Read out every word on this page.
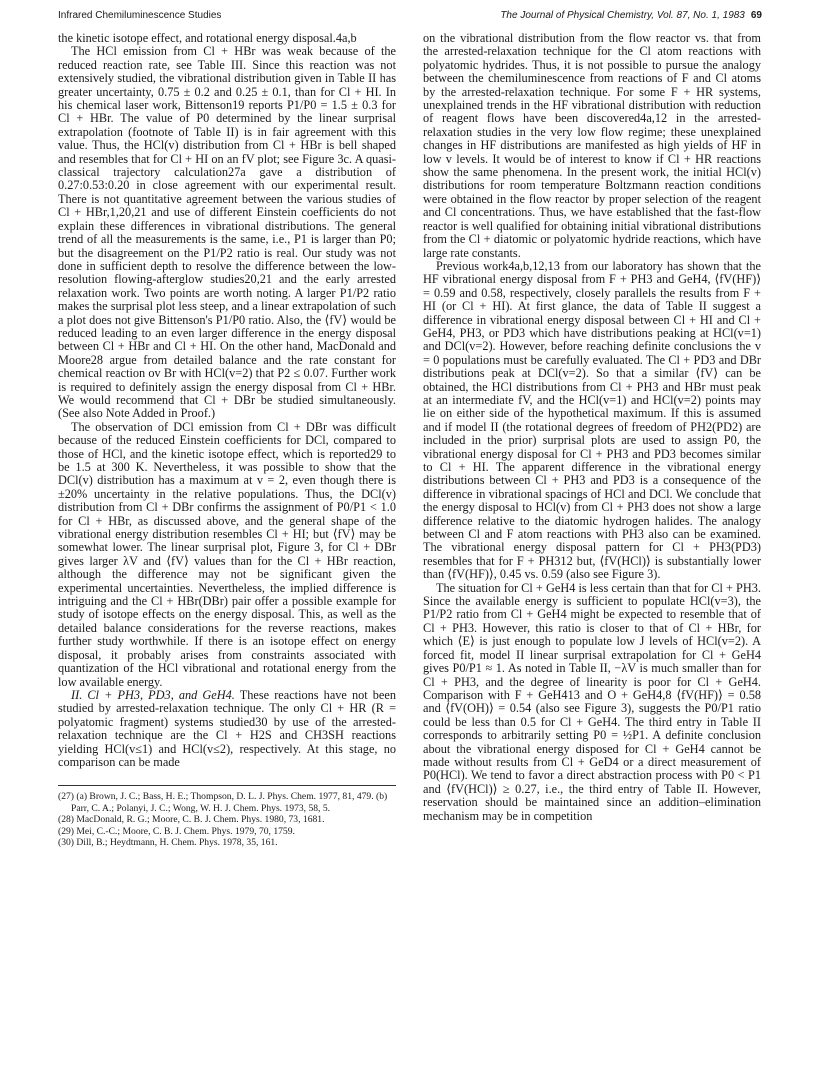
Infrared Chemiluminescence Studies	The Journal of Physical Chemistry, Vol. 87, No. 1, 1983 69

the kinetic isotope effect, and rotational energy disposal.4a,b

The HCl emission from Cl + HBr was weak because of the reduced reaction rate, see Table III. Since this reaction was not extensively studied, the vibrational distribution given in Table II has greater uncertainty, 0.75 ± 0.2 and 0.25 ± 0.1, than for Cl + HI. In his chemical laser work, Bittenson19 reports P1/P0 = 1.5 ± 0.3 for Cl + HBr. The value of P0 determined by the linear surprisal extrapolation (footnote of Table II) is in fair agreement with this value. Thus, the HCl(v) distribution from Cl + HBr is bell shaped and resembles that for Cl + HI on an fV plot; see Figure 3c. A quasi-classical trajectory calculation27a gave a distribution of 0.27:0.53:0.20 in close agreement with our experimental result. There is not quantitative agreement between the various studies of Cl + HBr,1,20,21 and use of different Einstein coefficients do not explain these differences in vibrational distributions. The general trend of all the measurements is the same, i.e., P1 is larger than P0; but the disagreement on the P1/P2 ratio is real. Our study was not done in sufficient depth to resolve the difference between the low-resolution flowing-afterglow studies20,21 and the early arrested relaxation work. Two points are worth noting. A larger P1/P2 ratio makes the surprisal plot less steep, and a linear extrapolation of such a plot does not give Bittenson's P1/P0 ratio. Also, the ⟨fV⟩ would be reduced leading to an even larger difference in the energy disposal between Cl + HBr and Cl + HI. On the other hand, MacDonald and Moore28 argue from detailed balance and the rate constant for chemical reaction ov Br with HCl(v=2) that P2 ≤ 0.07. Further work is required to definitely assign the energy disposal from Cl + HBr. We would recommend that Cl + DBr be studied simultaneously. (See also Note Added in Proof.)

The observation of DCl emission from Cl + DBr was difficult because of the reduced Einstein coefficients for DCl, compared to those of HCl, and the kinetic isotope effect, which is reported29 to be 1.5 at 300 K. Nevertheless, it was possible to show that the DCl(v) distribution has a maximum at v = 2, even though there is ±20% uncertainty in the relative populations. Thus, the DCl(v) distribution from Cl + DBr confirms the assignment of P0/P1 < 1.0 for Cl + HBr, as discussed above, and the general shape of the vibrational energy distribution resembles Cl + HI; but ⟨fV⟩ may be somewhat lower. The linear surprisal plot, Figure 3, for Cl + DBr gives larger λV and ⟨fV⟩ values than for the Cl + HBr reaction, although the difference may not be significant given the experimental uncertainties. Nevertheless, the implied difference is intriguing and the Cl + HBr(DBr) pair offer a possible example for study of isotope effects on the energy disposal. This, as well as the detailed balance considerations for the reverse reactions, makes further study worthwhile. If there is an isotope effect on energy disposal, it probably arises from constraints associated with quantization of the HCl vibrational and rotational energy from the low available energy.

II. Cl + PH3, PD3, and GeH4. These reactions have not been studied by arrested-relaxation technique. The only Cl + HR (R = polyatomic fragment) systems studied30 by use of the arrested-relaxation technique are the Cl + H2S and CH3SH reactions yielding HCl(v≤1) and HCl(v≤2), respectively. At this stage, no comparison can be made

(27) (a) Brown, J. C.; Bass, H. E.; Thompson, D. L. J. Phys. Chem. 1977, 81, 479. (b) Parr, C. A.; Polanyi, J. C.; Wong, W. H. J. Chem. Phys. 1973, 58, 5.
(28) MacDonald, R. G.; Moore, C. B. J. Chem. Phys. 1980, 73, 1681.
(29) Mei, C.-C.; Moore, C. B. J. Chem. Phys. 1979, 70, 1759.
(30) Dill, B.; Heydtmann, H. Chem. Phys. 1978, 35, 161.

on the vibrational distribution from the flow reactor vs. that from the arrested-relaxation technique for the Cl atom reactions with polyatomic hydrides. Thus, it is not possible to pursue the analogy between the chemiluminescence from reactions of F and Cl atoms by the arrested-relaxation technique. For some F + HR systems, unexplained trends in the HF vibrational distribution with reduction of reagent flows have been discovered4a,12 in the arrested-relaxation studies in the very low flow regime; these unexplained changes in HF distributions are manifested as high yields of HF in low v levels. It would be of interest to know if Cl + HR reactions show the same phenomena. In the present work, the initial HCl(v) distributions for room temperature Boltzmann reaction conditions were obtained in the flow reactor by proper selection of the reagent and Cl concentrations. Thus, we have established that the fast-flow reactor is well qualified for obtaining initial vibrational distributions from the Cl + diatomic or polyatomic hydride reactions, which have large rate constants.

Previous work4a,b,12,13 from our laboratory has shown that the HF vibrational energy disposal from F + PH3 and GeH4, ⟨fV(HF)⟩ = 0.59 and 0.58, respectively, closely parallels the results from F + HI (or Cl + HI). At first glance, the data of Table II suggest a difference in vibrational energy disposal between Cl + HI and Cl + GeH4, PH3, or PD3 which have distributions peaking at HCl(v=1) and DCl(v=2). However, before reaching definite conclusions the v = 0 populations must be carefully evaluated. The Cl + PD3 and DBr distributions peak at DCl(v=2). So that a similar ⟨fV⟩ can be obtained, the HCl distributions from Cl + PH3 and HBr must peak at an intermediate fV, and the HCl(v=1) and HCl(v=2) points may lie on either side of the hypothetical maximum. If this is assumed and if model II (the rotational degrees of freedom of PH2(PD2) are included in the prior) surprisal plots are used to assign P0, the vibrational energy disposal for Cl + PH3 and PD3 becomes similar to Cl + HI. The apparent difference in the vibrational energy distributions between Cl + PH3 and PD3 is a consequence of the difference in vibrational spacings of HCl and DCl. We conclude that the energy disposal to HCl(v) from Cl + PH3 does not show a large difference relative to the diatomic hydrogen halides. The analogy between Cl and F atom reactions with PH3 also can be examined. The vibrational energy disposal pattern for Cl + PH3(PD3) resembles that for F + PH312 but, ⟨fV(HCl)⟩ is substantially lower than ⟨fV(HF)⟩, 0.45 vs. 0.59 (also see Figure 3).

The situation for Cl + GeH4 is less certain than that for Cl + PH3. Since the available energy is sufficient to populate HCl(v=3), the P1/P2 ratio from Cl + GeH4 might be expected to resemble that of Cl + PH3. However, this ratio is closer to that of Cl + HBr, for which ⟨E⟩ is just enough to populate low J levels of HCl(v=2). A forced fit, model II linear surprisal extrapolation for Cl + GeH4 gives P0/P1 ≈ 1. As noted in Table II, −λV is much smaller than for Cl + PH3, and the degree of linearity is poor for Cl + GeH4. Comparison with F + GeH413 and O + GeH4,8 ⟨fV(HF)⟩ = 0.58 and ⟨fV(OH)⟩ = 0.54 (also see Figure 3), suggests the P0/P1 ratio could be less than 0.5 for Cl + GeH4. The third entry in Table II corresponds to arbitrarily setting P0 = ½P1. A definite conclusion about the vibrational energy disposed for Cl + GeH4 cannot be made without results from Cl + GeD4 or a direct measurement of P0(HCl). We tend to favor a direct abstraction process with P0 < P1 and ⟨fV(HCl)⟩ ≥ 0.27, i.e., the third entry of Table II. However, reservation should be maintained since an addition–elimination mechanism may be in competition
